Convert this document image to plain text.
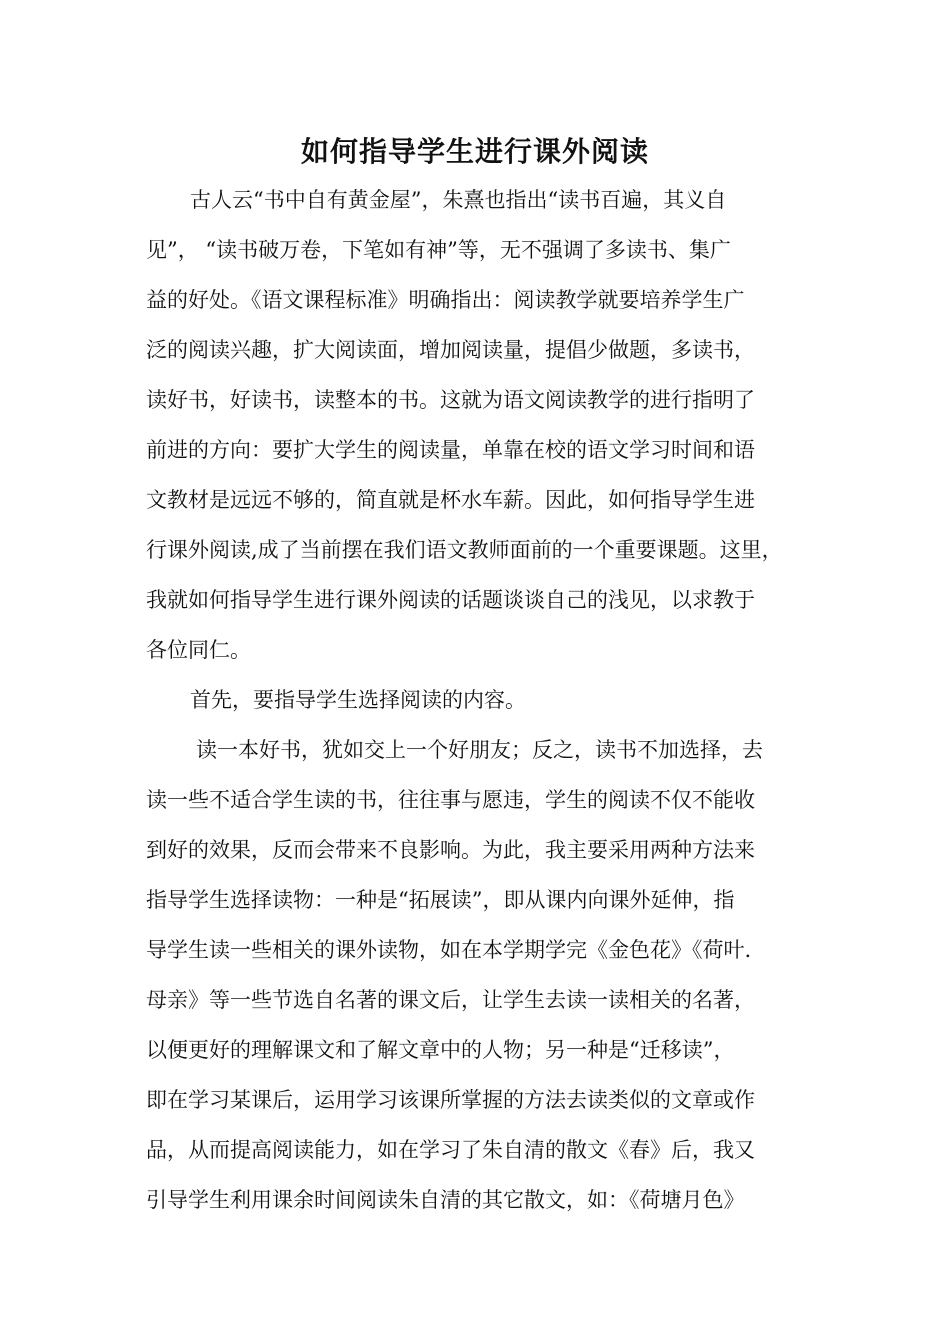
如何指导学生进行课外阅读
古人云“书中自有黄金屋”，朱熹也指出“读书百遍，其义自
见”， “读书破万卷，下笔如有神”等，无不强调了多读书、集广
益的好处。《语文课程标准》明确指出：阅读教学就要培养学生广
泛的阅读兴趣，扩大阅读面，增加阅读量，提倡少做题，多读书，
读好书，好读书，读整本的书。这就为语文阅读教学的进行指明了
前进的方向：要扩大学生的阅读量，单靠在校的语文学习时间和语
文教材是远远不够的，简直就是杯水车薪。因此，如何指导学生进
行课外阅读,成了当前摆在我们语文教师面前的一个重要课题。这里，
我就如何指导学生进行课外阅读的话题谈谈自己的浅见，以求教于
各位同仁。
首先，要指导学生选择阅读的内容。
读一本好书，犹如交上一个好朋友；反之，读书不加选择，去
读一些不适合学生读的书，往往事与愿违，学生的阅读不仅不能收
到好的效果，反而会带来不良影响。为此，我主要采用两种方法来
指导学生选择读物：一种是“拓展读”，即从课内向课外延伸，指
导学生读一些相关的课外读物，如在本学期学完《金色花》《荷叶.
母亲》等一些节选自名著的课文后，让学生去读一读相关的名著，
以便更好的理解课文和了解文章中的人物；另一种是“迁移读”，
即在学习某课后，运用学习该课所掌握的方法去读类似的文章或作
品，从而提高阅读能力，如在学习了朱自清的散文《春》后，我又
引导学生利用课余时间阅读朱自清的其它散文，如：《荷塘月色》
